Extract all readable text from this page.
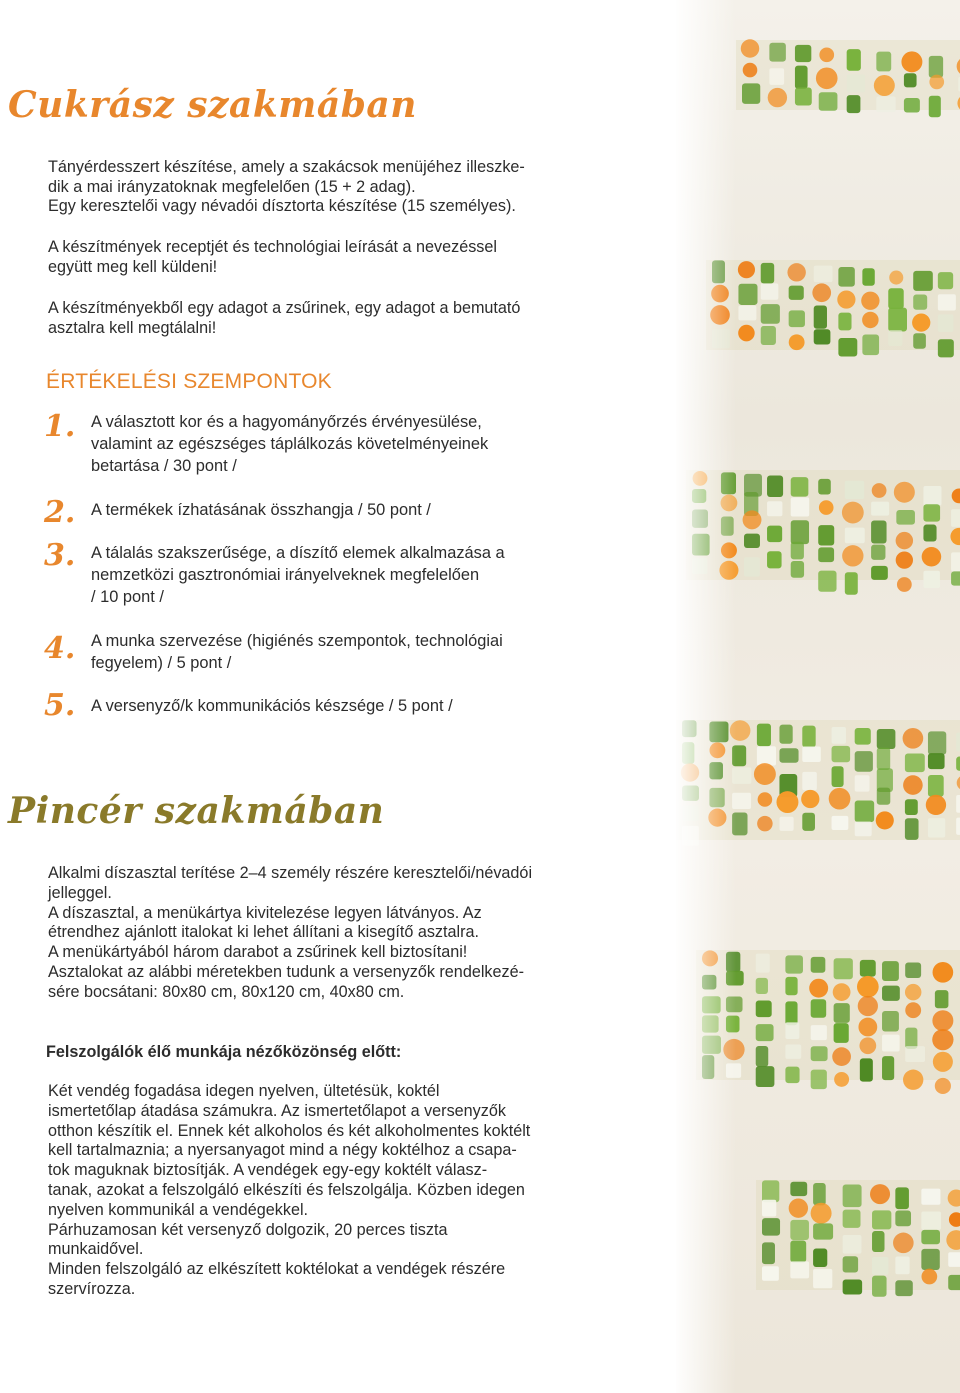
Cukrász szakmában

Tányérdesszert készítése, amely a szakácsok menüjéhez illeszke-
dik a mai irányzatoknak megfelelően (15 + 2 adag).
Egy keresztelői vagy névadói dísztorta készítése (15 személyes).

A készítmények receptjét és technológiai leírását a nevezéssel
együtt meg kell küldeni!

A készítményekből egy adagot a zsűrinek, egy adagot a bemutató
asztalra kell megtálalni!

ÉRTÉKELÉSI SZEMPONTOK
1. A választott kor és a hagyományőrzés érvényesülése,
valamint az egészséges táplálkozás követelményeinek
betartása / 30 pont /

2. A termékek ízhatásának összhangja / 50 pont /

3. A tálalás szakszerűsége, a díszítő elemek alkalmazása a
nemzetközi gasztronómiai irányelveknek megfelelően
/ 10 pont /

4. A munka szervezése (higiénés szempontok, technológiai
fegyelem) / 5 pont /

5. A versenyző/k kommunikációs készsége / 5 pont /

Pincér szakmában

Alkalmi díszasztal terítése 2–4 személy részére keresztelői/névadói
jelleggel.
A díszasztal, a menükártya kivitelezése legyen látványos. Az
étrendhez ajánlott italokat ki lehet állítani a kisegítő asztalra.
A menükártyából három darabot a zsűrinek kell biztosítani!
Asztalokat az alábbi méretekben tudunk a versenyzők rendelkezé-
sére bocsátani: 80x80 cm, 80x120 cm, 40x80 cm.

Felszolgálók élő munkája nézőközönség előtt:

Két vendég fogadása idegen nyelven, ültetésük, koktél
ismertetőlap átadása számukra. Az ismertetőlapot a versenyzők
otthon készítik el. Ennek két alkoholos és két alkoholmentes koktélt
kell tartalmaznia; a nyersanyagot mind a négy koktélhoz a csapa-
tok maguknak biztosítják. A vendégek egy-egy koktélt válasz-
tanak, azokat a felszolgáló elkészíti és felszolgálja. Közben idegen
nyelven kommunikál a vendégekkel.
Párhuzamosan két versenyző dolgozik, 20 perces tiszta
munkaidővel.
Minden felszolgáló az elkészített koktélokat a vendégek részére
szervírozza.
